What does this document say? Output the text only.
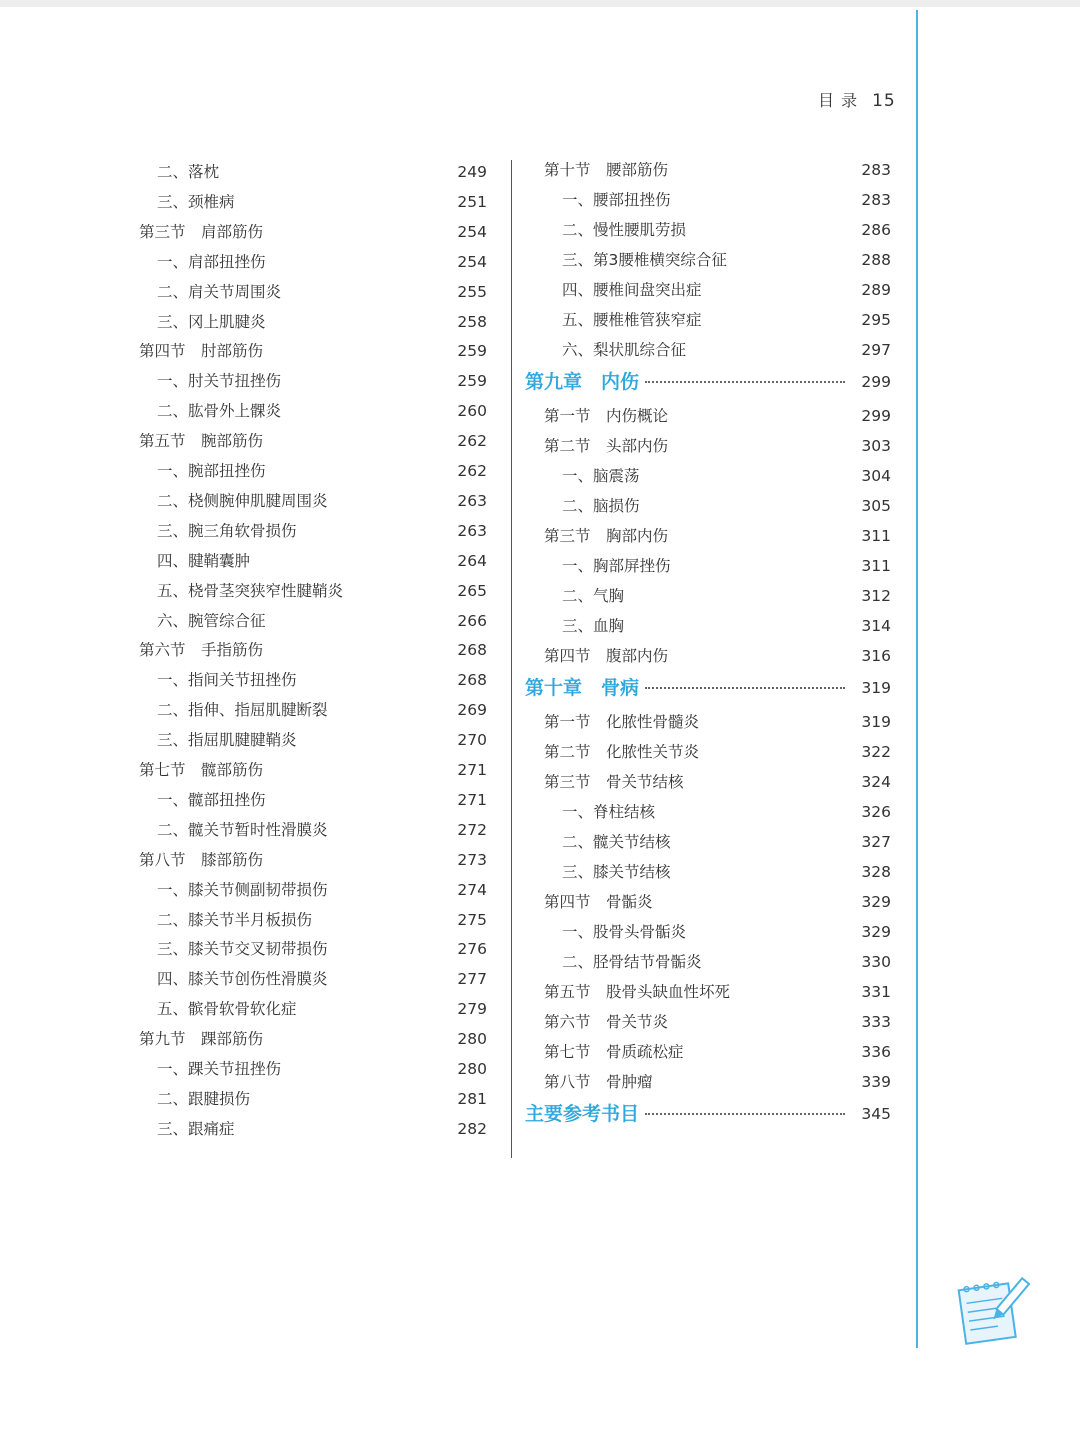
目 录 15
二、落枕	249
三、颈椎病	251
第三节　肩部筋伤	254
一、肩部扭挫伤	254
二、肩关节周围炎	255
三、冈上肌腱炎	258
第四节　肘部筋伤	259
一、肘关节扭挫伤	259
二、肱骨外上髁炎	260
第五节　腕部筋伤	262
一、腕部扭挫伤	262
二、桡侧腕伸肌腱周围炎	263
三、腕三角软骨损伤	263
四、腱鞘囊肿	264
五、桡骨茎突狭窄性腱鞘炎	265
六、腕管综合征	266
第六节　手指筋伤	268
一、指间关节扭挫伤	268
二、指伸、指屈肌腱断裂	269
三、指屈肌腱腱鞘炎	270
第七节　髋部筋伤	271
一、髋部扭挫伤	271
二、髋关节暂时性滑膜炎	272
第八节　膝部筋伤	273
一、膝关节侧副韧带损伤	274
二、膝关节半月板损伤	275
三、膝关节交叉韧带损伤	276
四、膝关节创伤性滑膜炎	277
五、髌骨软骨软化症	279
第九节　踝部筋伤	280
一、踝关节扭挫伤	280
二、跟腱损伤	281
三、跟痛症	282
第十节　腰部筋伤	283
一、腰部扭挫伤	283
二、慢性腰肌劳损	286
三、第3腰椎横突综合征	288
四、腰椎间盘突出症	289
五、腰椎椎管狭窄症	295
六、梨状肌综合征	297
第九章　内伤	299
第一节　内伤概论	299
第二节　头部内伤	303
一、脑震荡	304
二、脑损伤	305
第三节　胸部内伤	311
一、胸部屏挫伤	311
二、气胸	312
三、血胸	314
第四节　腹部内伤	316
第十章　骨病	319
第一节　化脓性骨髓炎	319
第二节　化脓性关节炎	322
第三节　骨关节结核	324
一、脊柱结核	326
二、髋关节结核	327
三、膝关节结核	328
第四节　骨骺炎	329
一、股骨头骨骺炎	329
二、胫骨结节骨骺炎	330
第五节　股骨头缺血性坏死	331
第六节　骨关节炎	333
第七节　骨质疏松症	336
第八节　骨肿瘤	339
主要参考书目	345
